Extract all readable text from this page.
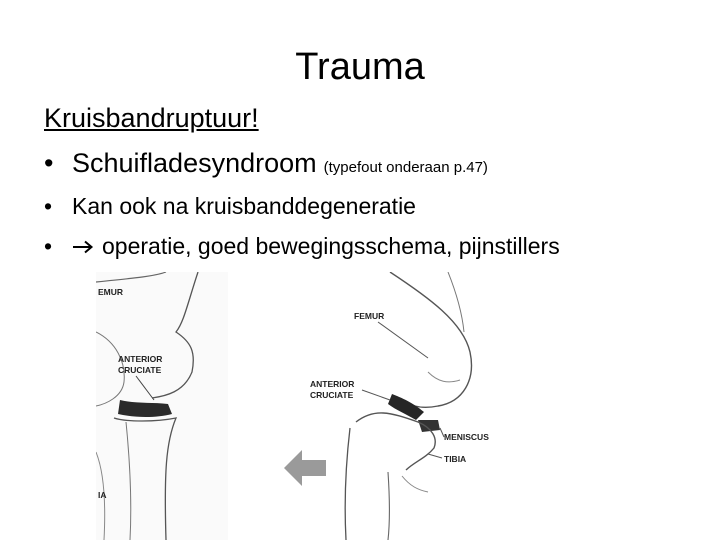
Trauma
Kruisbandruptuur!
• Schuifladesyndroom (typefout onderaan p.47)
• Kan ook na kruisbanddegeneratie
•	operatie, goed bewegingsschema, pijnstillers
EMUR
ANTERIOR
CRUCIATE
IA
FEMUR
ANTERIOR
CRUCIATE
MENISCUS
TIBIA
